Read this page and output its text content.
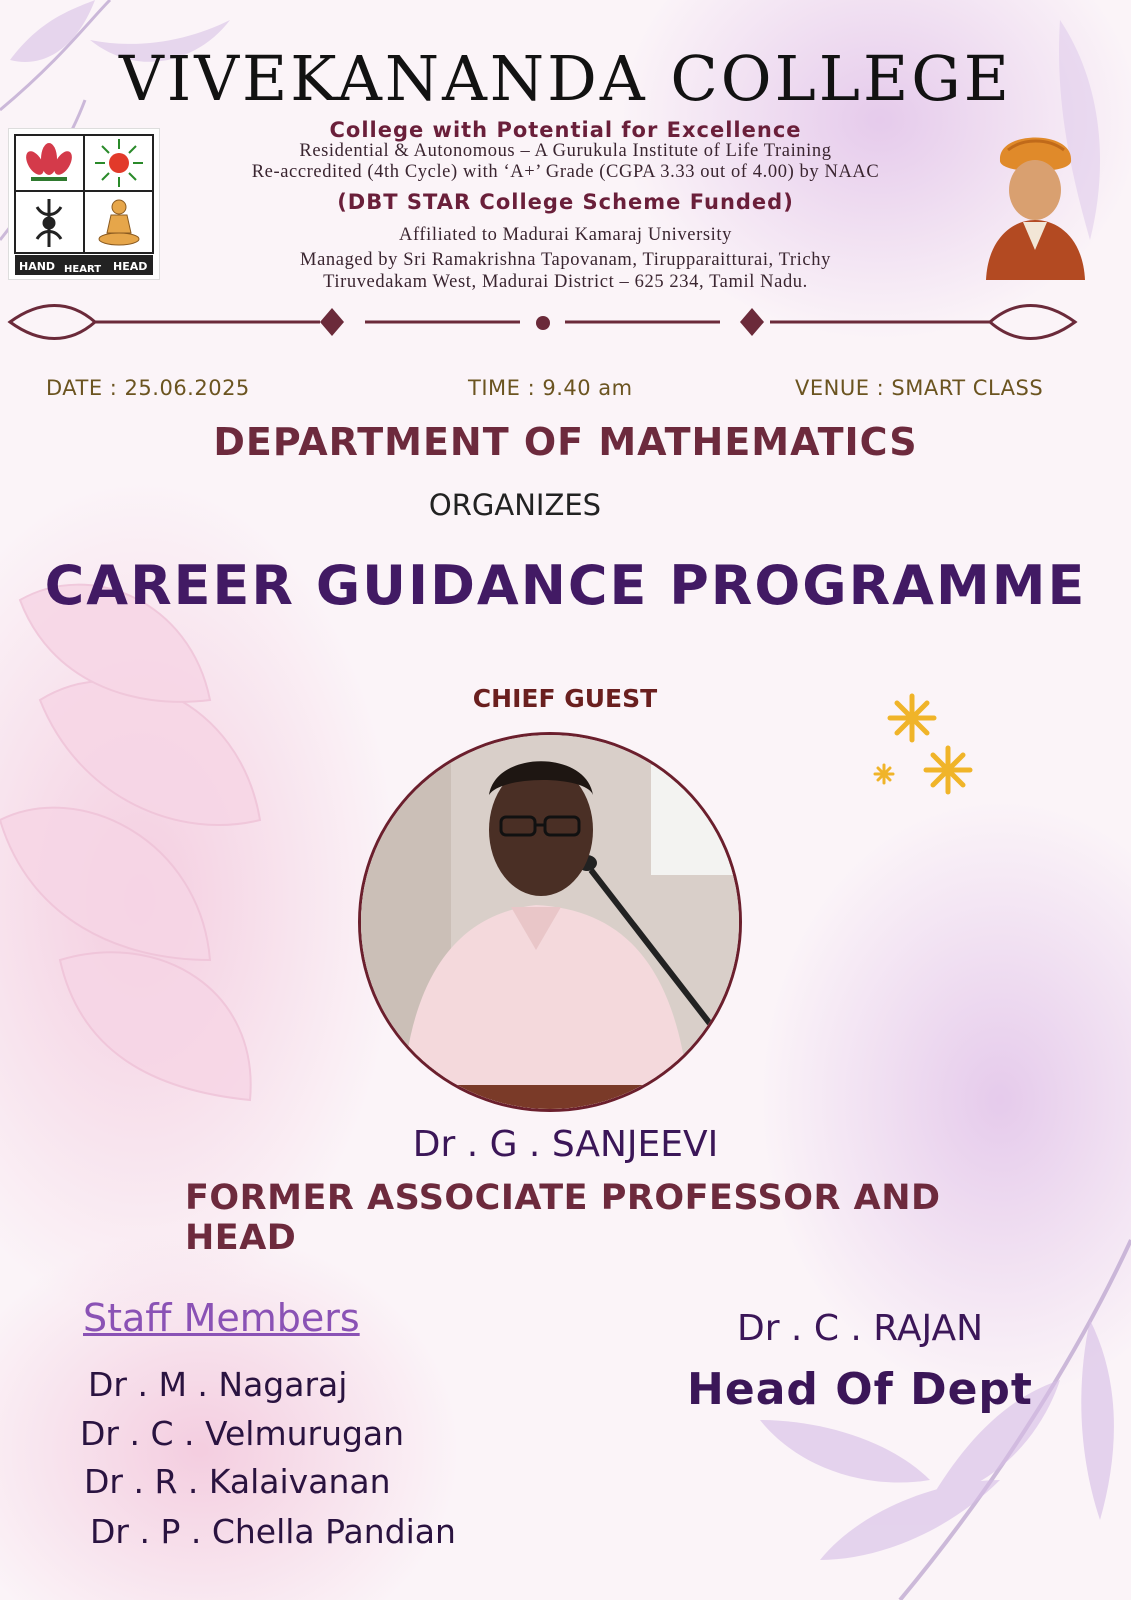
VIVEKANANDA COLLEGE
College with Potential for Excellence
Residential & Autonomous – A Gurukula Institute of Life Training
Re-accredited (4th Cycle) with ‘A+’ Grade (CGPA 3.33 out of 4.00) by NAAC
(DBT STAR College Scheme Funded)
Affiliated to Madurai Kamaraj University
Managed by Sri Ramakrishna Tapovanam, Tirupparaitturai, Trichy
Tiruvedakam West, Madurai District – 625 234, Tamil Nadu.
HAND HEART HEAD
DATE : 25.06.2025	TIME : 9.40 am	VENUE : SMART CLASS
DEPARTMENT OF MATHEMATICS
ORGANIZES
CAREER GUIDANCE PROGRAMME
CHIEF GUEST
Dr . G . SANJEEVI
FORMER ASSOCIATE PROFESSOR AND HEAD
Staff Members
Dr . M . Nagaraj
Dr . C . Velmurugan
Dr . R . Kalaivanan
Dr . P . Chella Pandian
Dr . C . RAJAN
Head Of Dept
